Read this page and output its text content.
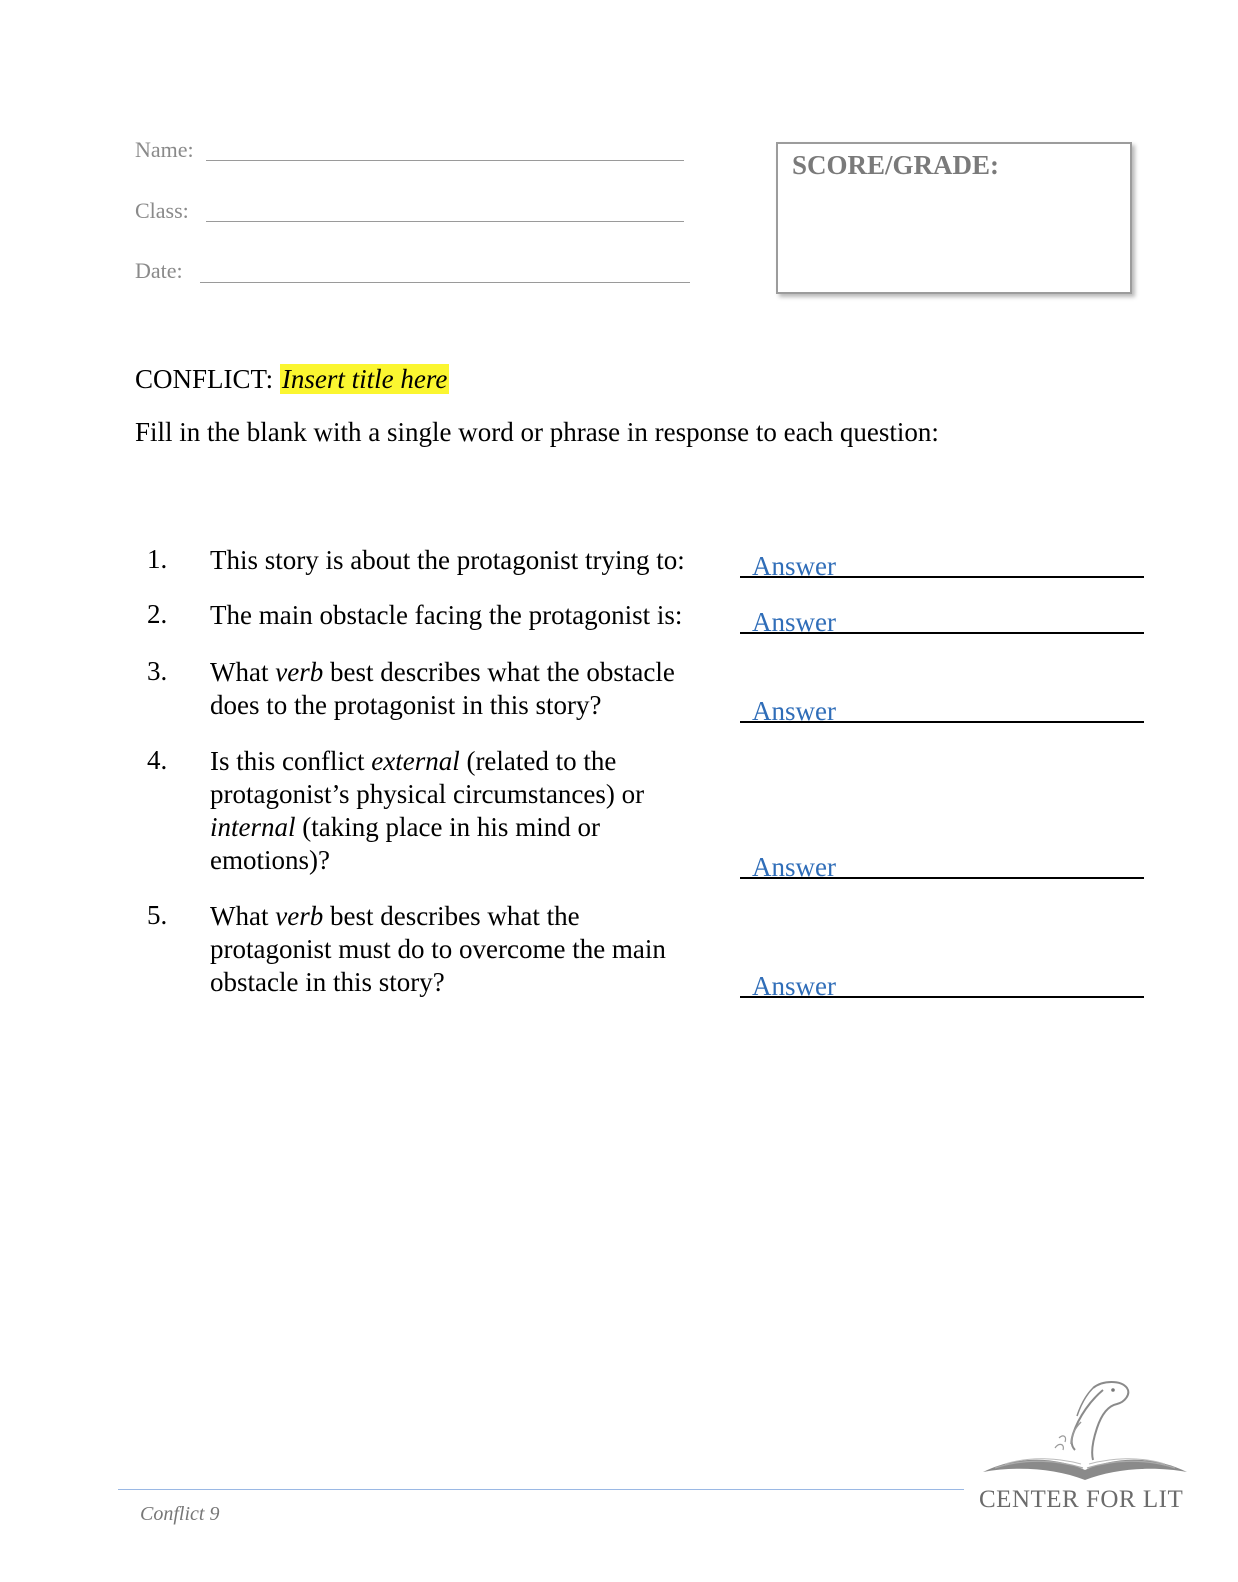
Name:
Class:
Date:
SCORE/GRADE:
CONFLICT: Insert title here
Fill in the blank with a single word or phrase in response to each question:
1.	This story is about the protagonist trying to:	Answer
2.	The main obstacle facing the protagonist is:	Answer
3.	What verb best describes what the obstacle does to the protagonist in this story?	Answer
4.	Is this conflict external (related to the protagonist’s physical circumstances) or internal (taking place in his mind or emotions)?	Answer
5.	What verb best describes what the protagonist must do to overcome the main obstacle in this story?	Answer
Conflict 9
CENTER FOR LIT
